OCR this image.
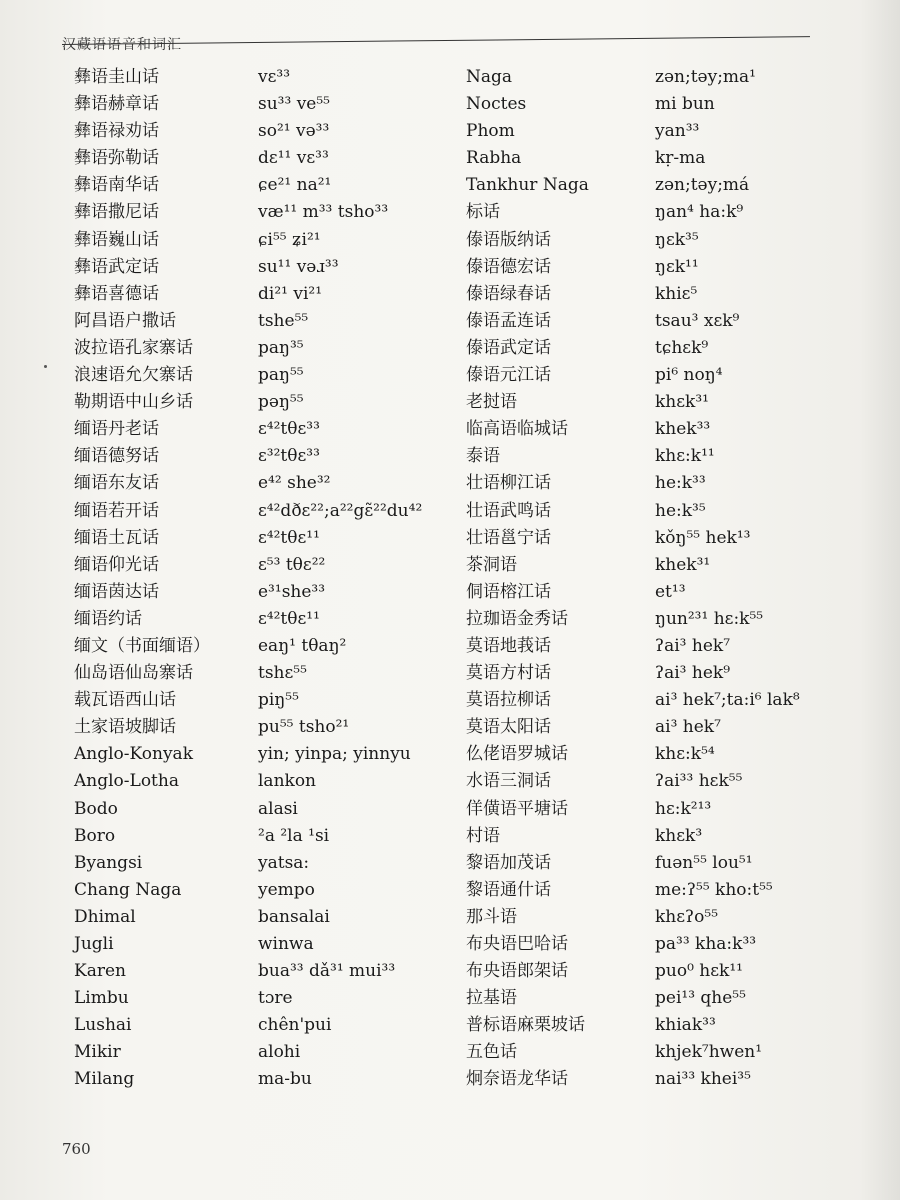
汉藏语语音和词汇
彝语圭山话
彝语赫章话
彝语禄劝话
彝语弥勒话
彝语南华话
彝语撒尼话
彝语巍山话
彝语武定话
彝语喜德话
阿昌语户撒话
波拉语孔家寨话
浪速语允欠寨话
勒期语中山乡话
缅语丹老话
缅语德努话
缅语东友话
缅语若开话
缅语土瓦话
缅语仰光话
缅语茵达话
缅语约话
缅文（书面缅语）
仙岛语仙岛寨话
载瓦语西山话
土家语坡脚话
Anglo-Konyak
Anglo-Lotha
Bodo
Boro
Byangsi
Chang Naga
Dhimal
Jugli
Karen
Limbu
Lushai
Mikir
Milang
vɛ³³
su³³ ve⁵⁵
so²¹ və³³
dɛ¹¹ vɛ³³
ɕe²¹ na²¹
væ¹¹ m³³ tsho³³
ɕi⁵⁵ ʑi²¹
su¹¹ vəɹ³³
di²¹ vi²¹
tshe⁵⁵
paŋ³⁵
paŋ⁵⁵
pəŋ⁵⁵
ɛ⁴²tθɛ³³
ɛ³²tθɛ³³
e⁴² she³²
ɛ⁴²dðɛ²²;a²²gɛ̃²²du⁴²
ɛ⁴²tθɛ¹¹
ɛ⁵³ tθɛ²²
e³¹she³³
ɛ⁴²tθɛ¹¹
eaŋ¹ tθaŋ²
tshɛ⁵⁵
piŋ⁵⁵
pu⁵⁵ tsho²¹
yin; yinpa; yinnyu
lankon
alasi
²a ²la ¹si
yatsa:
yempo
bansalai
winwa
bua³³ dǎ³¹ mui³³
tɔre
chên'pui
alohi
ma-bu
Naga
Noctes
Phom
Rabha
Tankhur Naga
标话
傣语版纳话
傣语德宏话
傣语绿春话
傣语孟连话
傣语武定话
傣语元江话
老挝语
临高语临城话
泰语
壮语柳江话
壮语武鸣话
壮语邕宁话
茶洞语
侗语榕江话
拉珈语金秀话
莫语地莪话
莫语方村话
莫语拉柳话
莫语太阳话
仫佬语罗城话
水语三洞话
佯僙语平塘话
村语
黎语加茂话
黎语通什话
那斗语
布央语巴哈话
布央语郎架话
拉基语
普标语麻栗坡话
五色话
炯奈语龙华话
zən;təy;ma¹
mi bun
yan³³
kṛ-ma
zən;təy;má
ŋan⁴ ha:k⁹
ŋɛk³⁵
ŋɛk¹¹
khiɛ⁵
tsau³ xɛk⁹
tɕhɛk⁹
pi⁶ noŋ⁴
khɛk³¹
khek³³
khɛ:k¹¹
he:k³³
he:k³⁵
kǒŋ⁵⁵ hek¹³
khek³¹
et¹³
ŋun²³¹ hɛ:k⁵⁵
ʔai³ hek⁷
ʔai³ hek⁹
ai³ hek⁷;ta:i⁶ lak⁸
ai³ hek⁷
khɛ:k⁵⁴
ʔai³³ hɛk⁵⁵
hɛ:k²¹³
khɛk³
fuən⁵⁵ lou⁵¹
me:ʔ⁵⁵ kho:t⁵⁵
khɛʔo⁵⁵
pa³³ kha:k³³
puo⁰ hɛk¹¹
pei¹³ qhe⁵⁵
khiak³³
khjek⁷hwen¹
nai³³ khei³⁵
760
